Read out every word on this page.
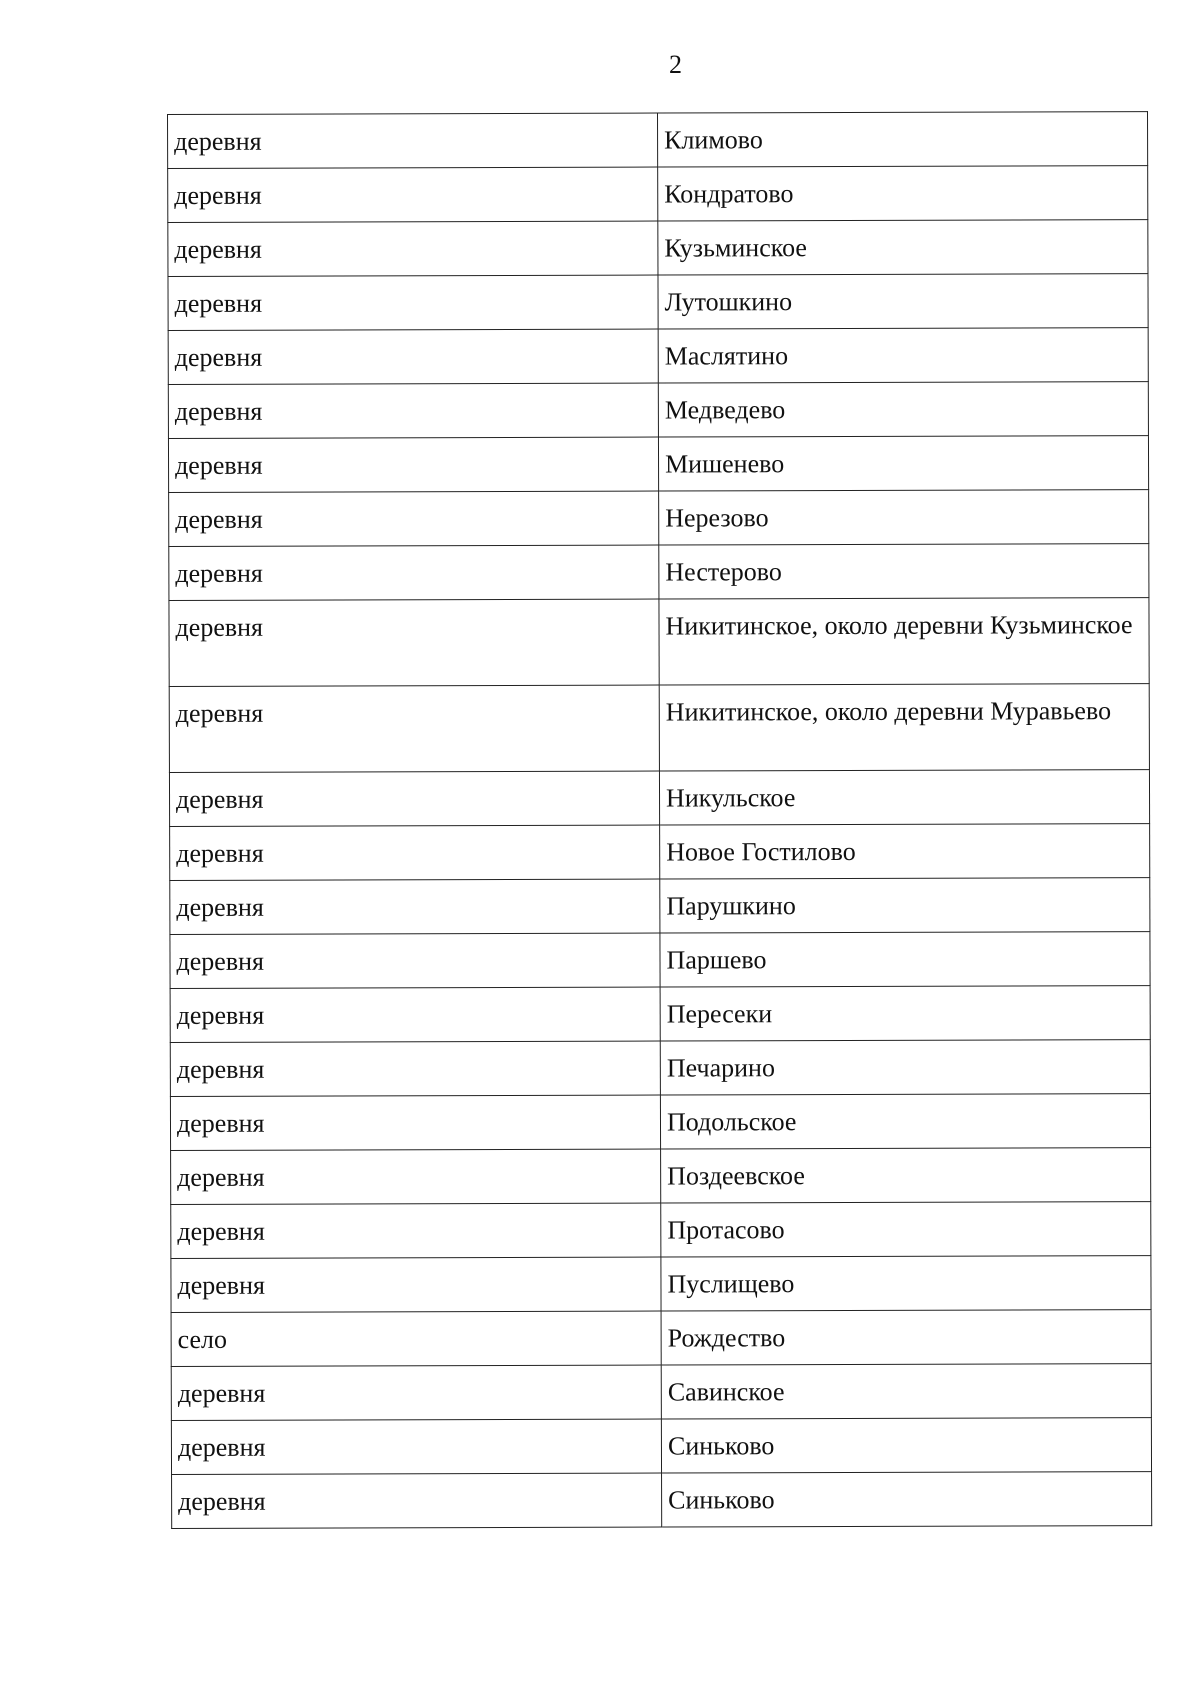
2
деревня	Климово
деревня	Кондратово
деревня	Кузьминское
деревня	Лутошкино
деревня	Маслятино
деревня	Медведево
деревня	Мишенево
деревня	Нерезово
деревня	Нестерово
деревня	Никитинское, около деревни Кузьминское
деревня	Никитинское, около деревни Муравьево
деревня	Никульское
деревня	Новое Гостилово
деревня	Парушкино
деревня	Паршево
деревня	Пересеки
деревня	Печарино
деревня	Подольское
деревня	Поздеевское
деревня	Протасово
деревня	Пуслищево
село	Рождество
деревня	Савинское
деревня	Синьково
деревня	Синьково
